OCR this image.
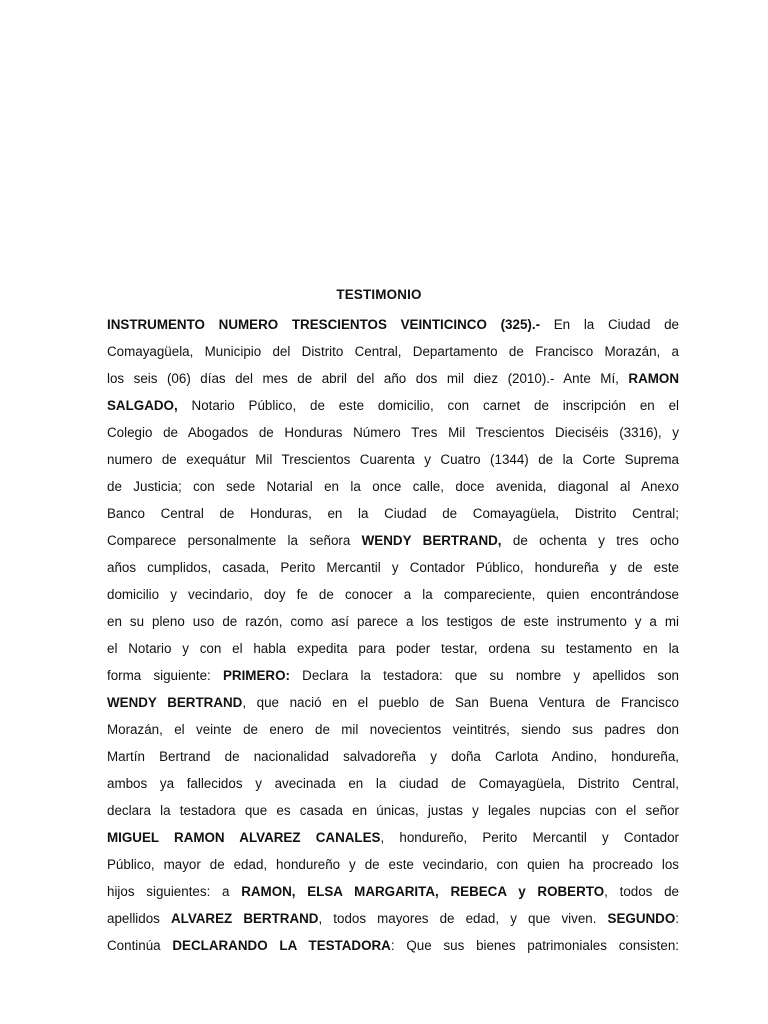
TESTIMONIO
INSTRUMENTO NUMERO TRESCIENTOS VEINTICINCO (325).- En la Ciudad de
Comayagüela, Municipio del Distrito Central, Departamento de Francisco Morazán, a
los seis (06) días del mes de abril del año dos mil diez (2010).- Ante Mí, RAMON
SALGADO, Notario Público, de este domicilio, con carnet de inscripción en el
Colegio de Abogados de Honduras Número Tres Mil Trescientos Dieciséis (3316), y
numero de exequátur Mil Trescientos Cuarenta y Cuatro (1344) de la Corte Suprema
de Justicia; con sede Notarial en la once calle, doce avenida, diagonal al Anexo
Banco Central de Honduras, en la Ciudad de Comayagüela, Distrito Central;
Comparece personalmente la señora WENDY BERTRAND, de ochenta y tres ocho
años cumplidos, casada, Perito Mercantil y Contador Público, hondureña y de este
domicilio y vecindario, doy fe de conocer a la compareciente, quien encontrándose
en su pleno uso de razón, como así parece a los testigos de este instrumento y a mi
el Notario y con el habla expedita para poder testar, ordena su testamento en la
forma siguiente: PRIMERO: Declara la testadora: que su nombre y apellidos son
WENDY BERTRAND, que nació en el pueblo de San Buena Ventura de Francisco
Morazán, el veinte de enero de mil novecientos veintitrés, siendo sus padres don
Martín Bertrand de nacionalidad salvadoreña y doña Carlota Andino, hondureña,
ambos ya fallecidos y avecinada en la ciudad de Comayagüela, Distrito Central,
declara la testadora que es casada en únicas, justas y legales nupcias con el señor
MIGUEL RAMON ALVAREZ CANALES, hondureño, Perito Mercantil y Contador
Público, mayor de edad, hondureño y de este vecindario, con quien ha procreado los
hijos siguientes: a RAMON, ELSA MARGARITA, REBECA y ROBERTO, todos de
apellidos ALVAREZ BERTRAND, todos mayores de edad, y que viven. SEGUNDO:
Continúa DECLARANDO LA TESTADORA: Que sus bienes patrimoniales consisten:
